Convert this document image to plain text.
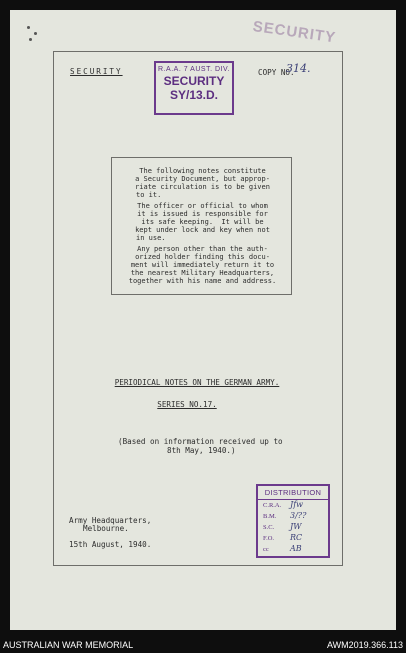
SECURITY
SECURITY	R.A.A. 7 AUST. DIV.
SECURITY
SY/13.D.
COPY NO.
314.
The following notes constitute
a Security Document, but approp-
riate circulation is to be given
to it.
The officer or official to whom
it is issued is responsible for
its safe keeping.  It will be
kept under lock and key when not
in use.
Any person other than the auth-
orized holder finding this docu-
ment will immediately return it to
the nearest Military Headquarters,
together with his name and address.
PERIODICAL NOTES ON THE GERMAN ARMY.
SERIES NO.17.
(Based on information received up to
8th May, 1940.)
Army Headquarters,
Melbourne.
15th August, 1940.
DISTRIBUTION
C.R.A. Jfw
B.M. 3/??
S.C. JW
F.O. RC
cc	AB
AUSTRALIAN WAR MEMORIAL	AWM2019.366.113
